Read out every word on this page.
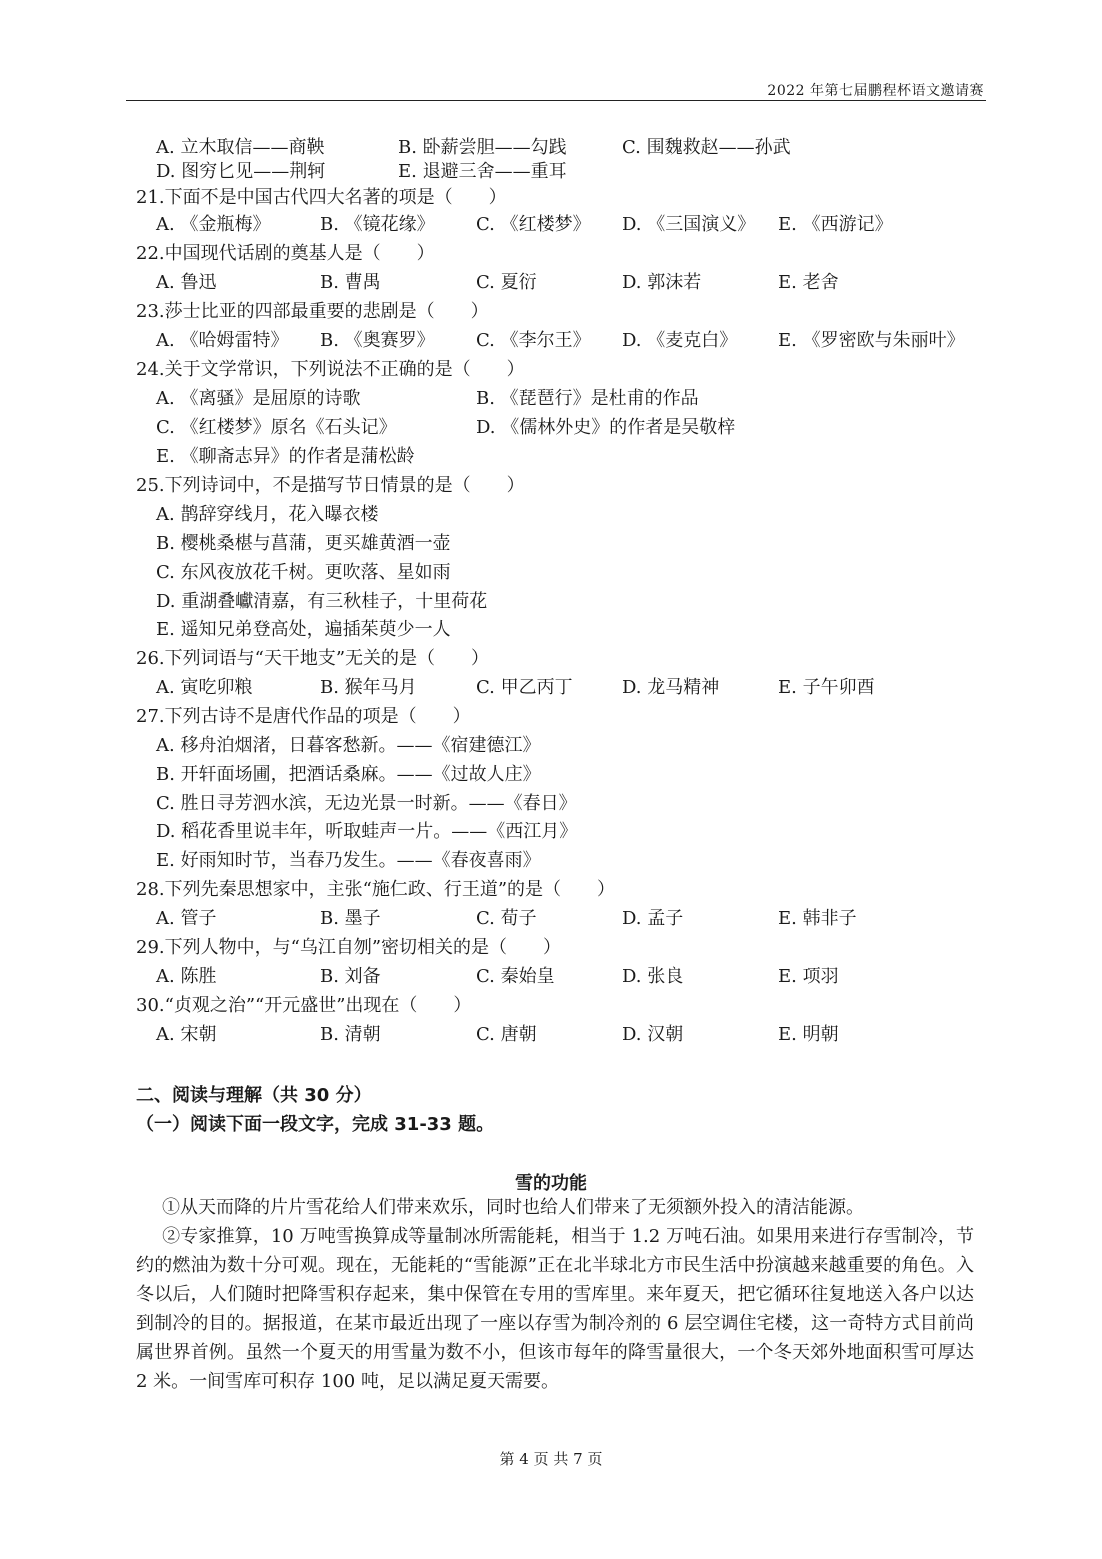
2022 年第七届鹏程杯语文邀请赛
A. 立木取信——商鞅	B. 卧薪尝胆——勾践	C. 围魏救赵——孙武
D. 图穷匕见——荆轲	E. 退避三舍——重耳
21.下面不是中国古代四大名著的项是（　　）
A. 《金瓶梅》	B. 《镜花缘》 C. 《红楼梦》 D. 《三国演义》 E. 《西游记》
22.中国现代话剧的奠基人是（　　）
A. 鲁迅	B. 曹禺	C. 夏衍	D. 郭沫若	E. 老舍
23.莎士比亚的四部最重要的悲剧是（　　）
A. 《哈姆雷特》 B. 《奥赛罗》 C. 《李尔王》 D. 《麦克白》 E. 《罗密欧与朱丽叶》
24.关于文学常识，下列说法不正确的是（　　）
A. 《离骚》是屈原的诗歌	B. 《琵琶行》是杜甫的作品
C. 《红楼梦》原名《石头记》	D. 《儒林外史》的作者是吴敬梓
E. 《聊斋志异》的作者是蒲松龄
25.下列诗词中，不是描写节日情景的是（　　）
A. 鹊辞穿线月，花入曝衣楼
B. 樱桃桑椹与菖蒲，更买雄黄酒一壶
C. 东风夜放花千树。更吹落、星如雨
D. 重湖叠巘清嘉，有三秋桂子，十里荷花
E. 遥知兄弟登高处，遍插茱萸少一人
26.下列词语与“天干地支”无关的是（　　）
A. 寅吃卯粮	B. 猴年马月	C. 甲乙丙丁	D. 龙马精神	E. 子午卯酉
27.下列古诗不是唐代作品的项是（　　）
A. 移舟泊烟渚，日暮客愁新。——《宿建德江》
B. 开轩面场圃，把酒话桑麻。——《过故人庄》
C. 胜日寻芳泗水滨，无边光景一时新。——《春日》
D. 稻花香里说丰年，听取蛙声一片。——《西江月》
E. 好雨知时节，当春乃发生。——《春夜喜雨》
28.下列先秦思想家中，主张“施仁政、行王道”的是（　　）
A. 管子	B. 墨子	C. 荀子	D. 孟子	E. 韩非子
29.下列人物中，与“乌江自刎”密切相关的是（　　）
A. 陈胜	B. 刘备	C. 秦始皇	D. 张良	E. 项羽
30.“贞观之治”“开元盛世”出现在（　　）
A. 宋朝	B. 清朝	C. 唐朝	D. 汉朝	E. 明朝
二、阅读与理解（共 30 分）
（一）阅读下面一段文字，完成 31-33 题。
雪的功能
①从天而降的片片雪花给人们带来欢乐，同时也给人们带来了无须额外投入的清洁能源。
②专家推算，10 万吨雪换算成等量制冰所需能耗，相当于 1.2 万吨石油。如果用来进行存雪制冷，节约的燃油为数十分可观。现在，无能耗的“雪能源”正在北半球北方市民生活中扮演越来越重要的角色。入冬以后，人们随时把降雪积存起来，集中保管在专用的雪库里。来年夏天，把它循环往复地送入各户以达到制冷的目的。据报道，在某市最近出现了一座以存雪为制冷剂的 6 层空调住宅楼，这一奇特方式目前尚属世界首例。虽然一个夏天的用雪量为数不小，但该市每年的降雪量很大，一个冬天郊外地面积雪可厚达 2 米。一间雪库可积存 100 吨，足以满足夏天需要。
第 4 页 共 7 页
